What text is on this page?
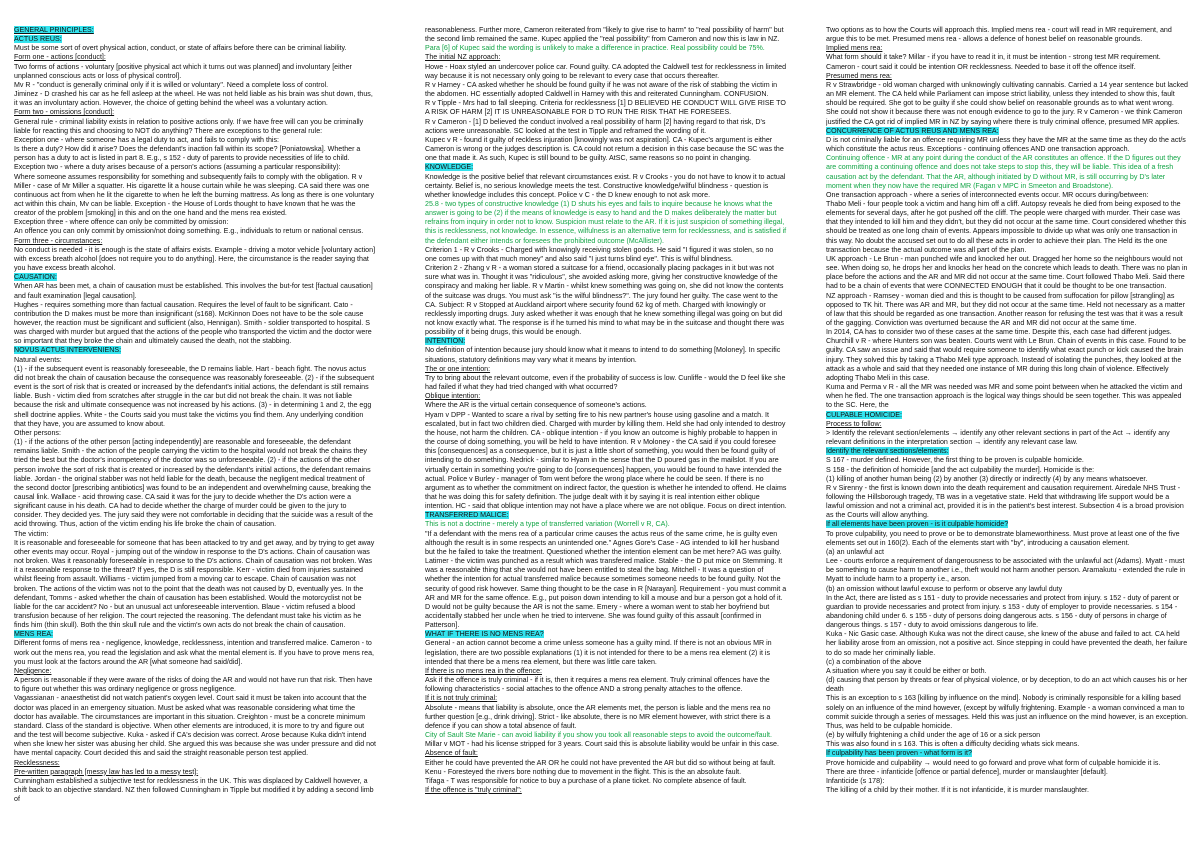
GENERAL PRINCIPLES:
ACTUS REUS:
Must be some sort of overt physical action, conduct, or state of affairs before there can be criminal liability.
Form one - actions [conduct]:
Two forms of actions - voluntary [positive physical act which it turns out was planned] and involuntary [either unplanned conscious acts or loss of physical control].
Mv R - "conduct is generally criminal only if it is willed or voluntary". Need a complete loss of control.
Jiminez - D crashed his car as he fell asleep at the wheel. He was not held liable as his brain was shut down, thus, it was an involuntary action. However, the choice of getting behind the wheel was a voluntary action.
Form two - omissions [conduct]:
General rule - criminal liability exists in relation to positive actions only. If we have free will can you be criminally liable for reacting this and choosing to NOT do anything? There are exceptions to the general rule:
Exception one - where someone has a legal duty to act, and fails to comply with this:
Is there a duty? How did it arise? Does the defendant's inaction fall within its scope? [Poniatowska]. Whether a person has a duty to act is listed in part 8. E.g., s 152 - duty of parents to provide necessities of life to child.
Exception two - where a duty arises because of a person's actions (assuming a particular responsibility):
Where someone assumes responsibility for something and subsequently fails to comply with the obligation. R v Miller - case of Mr Miller a squatter. His cigarette lit a house curtain while he was sleeping. CA said there was one continuous act from when he lit the cigarette to when he left the burning mattress. As long as there is one voluntary act within this chain, Mv can be liable. Exception - the House of Lords thought to have known that he was the creator of the problem [smoking] in this and on the one hand and the mens rea existed.
Exception three - where offence can only be committed by omission:
An offence you can only commit by omission/not doing something. E.g., individuals to return or national census.
Form three - circumstances:
No conduct is needed - it is enough is the state of affairs exists. Example - driving a motor vehicle [voluntary action] with excess breath alcohol [does not require you to do anything]. Here, the circumstance is the reader saying that you have excess breath alcohol.
CAUSATION:
When AR has been met, a chain of causation must be established. This involves the but-for test [factual causation] and fault examination [legal causation].
Hughes - requires something more than factual causation. Requires the level of fault to be significant. Cato - contribution the D makes must be more than insignificant (s168). McKinnon Does not have to be the sole cause however, the reaction must be significant and sufficient (also, Hennigan). Smith - soldier transported to hospital. S was charged with murder but argued that the actions of the people who transported the victim and the doctor were so important that they broke the chain and ultimately caused the death, not the stabbing.
NOVUS ACTUS INTERVENIENS:
Natural events:
(1) - if the subsequent event is reasonably foreseeable, the D remains liable. Hart - beach fight. The novus actus did not break the chain of causation because the consequence was reasonably foreseeable. (2) - if the subsequent event is the sort of risk that is created or increased by the defendant's initial actions, the defendant is still remains liable. Bush - victim died from scratches after struggle in the car but did not break the chain. It was not liable because the risk and ultimate consequence was not increased by his actions. (3) - in determining 1 and 2, the egg shell doctrine applies. White - the Courts said you must take the victims you find them. Any underlying condition that they have, you are assumed to know about.
Other persons:
(1) - if the actions of the other person [acting independently] are reasonable and foreseeable, the defendant remains liable. Smith - the action of the people carrying the victim to the hospital would not break the chains they tried the best but the doctor's incompetency of the doctor was so unforeseeable. (2) - if the actions of the other person involve the sort of risk that is created or increased by the defendant's initial actions, the defendant remains liable. Jordan - the original stabber was not held liable for the death, because the negligent medical treatment of the second doctor [prescribing antibiotics] was found to be an independent and overwhelming cause, breaking the causal link. Wallace - acid throwing case. CA said it was for the jury to decide whether the D's action were a significant cause in his death. CA had to decide whether the charge of murder could be given to the jury to consider. They decided yes. The jury said they were not comfortable in deciding that the suicide was a result of the acid throwing. Thus, action of the victim ending his life broke the chain of causation.
The victim:
It is reasonable and foreseeable for someone that has been attacked to try and get away, and by trying to get away other events may occur. Royal - jumping out of the window in response to the D's actions. Chain of causation was not broken. Was it reasonably foreseeable in response to the D's actions. Chain of causation was not broken. Was it a reasonable response to the threat? If yes, the D is still responsible. Kerr - victim died from injuries sustained whilst fleeing from assault. Williams - victim jumped from a moving car to escape. Chain of causation was not broken. The actions of the victim was not to the point that the death was not caused by D, eventually yes. In the defendant, Tomms - asked whether the chain of causation has been established. Would the motorcyclist not be liable for the car accident? No - but an unusual act unforeseeable intervention. Blaue - victim refused a blood transfusion because of her religion. The court rejected the reasoning. The defendant must take his victim as he finds him (thin skull). Both the thin skull rule and the victim's own acts do not break the chain of causation.
MENS REA:
Different forms of mens rea - negligence, knowledge, recklessness, intention and transferred malice. Cameron - to work out the mens rea, you read the legislation and ask what the mental element is. If you have to prove mens rea, you must look at the factors around the AR [what someone had said/did].
Negligence:
A person is reasonable if they were aware of the risks of doing the AR and would not have run that risk. Then have to figure out whether this was ordinary negligence or gross negligence.
Vagassianan - anaesthetist did not watch patient's oxygen level. Court said it must be taken into account that the doctor was placed in an emergency situation. Must be asked what was reasonable considering what time the doctor has available. The circumstances are important in this situation. Creighton - must be a concrete minimum standard. Class of the standard is objective. When other elements are introduced, it is more to try and figure out and the test will become subjective. Kuka - asked if CA's decision was correct. Arose because Kuka didn't intend when she knew her sister was abusing her child. She argued this was because she was under pressure and did not have mental capacity. Court decided this and said the straight reasonable person test applied.
Recklessness:
Pre-written paragraph [messy law has led to a messy test]:
Cunningham established a subjective test for recklessness in the UK. This was displaced by Caldwell however, a shift back to an objective standard. NZ then followed Cunningham in Tipple but modified it by adding a second limb of
reasonableness. Further more, Cameron reiterated from "likely to give rise to harm" to "real possibility of harm" but the second limb remained the same. Kupec applied the "real possibility" from Cameron and now this is law in NZ.
Para [6] of Kupec said the wording is unlikely to make a difference in practice. Real possibility could be 75%.
The initial NZ approach:
Howe - Hoax styled an undercover police car. Found guilty. CA adopted the Caldwell test for recklessness in limited way because it is not necessary only going to be relevant to every case that occurs thereafter.
R v Harney - CA asked whether he should be found guilty if he was not aware of the risk of stabbing the victim in the abdomen. HC essentially adopted Caldwell in Harney with this and reiterated Cunningham. CONFUSION.
R v Tipple - Mrs had to fall sleeping. Criteria for recklessness [1] D BELIEVED HE CONDUCT WILL GIVE RISE TO A RISK OF HARM [2] IT IS UNREASONABLE FOR D TO RUN THE RISK THAT HE FORESEES.
R v Cameron - [1] D believed the conduct involved a real possibility of harm [2] having regard to that risk, D's actions were unreasonable. SC looked at the test in Tipple and reframed the wording of it.
Kupec v R - found it guilty of reckless injuration [knowingly was not aspiration]. CA - Kupec's argument is either Cameron is wrong or the judges description is. CA could not return a decision in this case because the SC was the one that made it. As such, Kupec is still bound to be guilty. AtSC, same reasons so no point in changing.
KNOWLEDGE:
Knowledge is the positive belief that relevant circumstances exist. R v Crooks - you do not have to know it to actual certainty. Belief is, no serious knowledge meets the test. Constructive knowledge/wilful blindness - question is whether knowledge includes this concept. Police v C - the D knew enough to not ask more.
25.8 - two types of constructive knowledge (1) D shuts his eyes and fails to inquire because he knows what the answer is going to be (2) if the means of knowledge is easy to hand and the D makes deliberately the matter but refrains from inquiry in order not to know. Suspicion must relate to the AR. If it is just suspicion of something illegal, this is recklessness, not knowledge. In essence, wilfulness is an alternative term for recklessness, and is satisfied if the defendant either intends or foresees the prohibited outcome (McAllister).
Criterion 1 - R v Crooks - Charged with knowingly receiving stolen goods. He said "I figured it was stolen, so no one comes up with that much money" and also said "I just turns blind eye". This is wilful blindness.
Criterion 2 - Zhang v R - a woman stored a suitcase for a friend, occasionally placing packages in it but was not sure what was in. Thought it was "ridiculous", she avoided asking more, giving her constructive knowledge of the conspiracy and making her liable. R v Martin - whilst knew something was going on, she did not know the contents of the suitcase was drugs. You must ask "is the wilful blindness?". The jury found her guilty. The case went to the CA. Subject: R v Stopped at Auckland airport where security found 62 kg of meth. Charged with knowingly or recklessly importing drugs. Jury asked whether it was enough that he knew something illegal was going on but did not know exactly what. The response is if he turned his mind to what may be in the suitcase and thought there was possibility of it being drugs, this would be enough.
INTENTION:
No definition of intention because jury should know what it means to intend to do something [Moloney]. In specific situations, statutory definitions may vary what it means by intention.
The or one intention:
Try to bring about the relevant outcome, even if the probability of success is low. Cunliffe - would the D feel like she had failed if what they had tried changed with what occurred?
Oblique intention:
Where the AR is the virtual certain consequence of someone's actions.
Hyam v DPP - Wanted to scare a rival by setting fire to his new partner's house using gasoline and a match. It escalated, but in fact two children died. Charged with murder by killing them. Held she had only intended to destroy the house, not harm the children. CA - oblique intention - if you know an outcome is highly probable to happen in the course of doing something, you will be held to have intention. R v Moloney - the CA said if you could foresee this [consequences] as a consequence, but it is just a little short of something, you would then be found guilty of intending to do something. Nedrick - similar to Hyam in the sense that the D poured gas in the mailslot. If you are virtually certain in something you're going to do [consequences] happen, you would be found to have intended the actual. Police v Burley - manager of Tom went before the wrong place where he could be seen. If there is no argument as to whether the commitment on indirect factor, the question is whether he intended to offend. He claims that he was doing this for safety definition. The judge dealt with it by saying it is real intention either oblique intention. HC - said that oblique intention may not have a place where we are not oblique. Focus on direct intention.
TRANSFERRED MALICE:
This is not a doctrine - merely a type of transferred variation (Worrell v R, CA).
"If a defendant with the mens rea of a particular crime causes the actus reus of the same crime, he is guilty even although the result is in some respects an unintended one." Agnes Gore's Case - AG intended to kill her husband but the he failed to take the treatment. Questioned whether the intention element can be met here? AG was guilty. Latimer - the victim was punched as a result which was transfered malice. Stable - the D put mice on Stemming. It was a reasonable thing that she would not have been entitled to steal the bag. Mitchell - It was a question of whether the intention for actual transferred malice because sometimes someone needs to be found guilty. Not the security of good risk however. Same thing thought to be the case in R [Narayan]. Requirement - you must commit a AR and MR for the same offence. E.g., put poison down intending to kill a mouse and bur a person got a hold of it. D would not be guilty because the AR is not the same. Emery - where a woman went to stab her boyfriend but accidentally stabbed her uncle when he tried to intervene. She was found guilty of this assault [confirmed in Patterson].
WHAT IF THERE IS NO MENS REA?
General - an action cannot become a crime unless someone has a guilty mind. If there is not an obvious MR in legislation, there are two possible explanations (1) it is not intended for there to be a mens rea element (2) it is intended that there be a mens rea element, but there was little care taken.
If there is no mens rea in the offence:
Ask if the offence is truly criminal - if it is, then it requires a mens rea element. Truly criminal offences have the following characteristics - social attaches to the offence AND a strong penalty attaches to the offence.
If it is not truly criminal:
Absolute - means that liability is absolute, once the AR elements met, the person is liable and the mens rea no further question [e.g., drink driving]. Strict - like absolute, there is no MR element however, with strict there is a defence if you can show a total absence of fault.
City of Sault Ste Marie - can avoid liability if you show you took all reasonable steps to avoid the outcome/fault.
Millar v MOT - had his license stripped for 3 years. Court said this is absolute liability would be unfair in this case.
Absence of fault:
Either he could have prevented the AR OR he could not have prevented the AR but did so without being at fault.
Kenu - Foresteyed the rivers bore nothing due to movement in the flight. This is the an absolute fault.
Tifaga - T was responsible for notice to buy a purchase of a plane ticket. No complete absence of fault.
If the offence is "truly criminal":
Two options as to how the Courts will approach this. Implied mens rea - court will read in MR requirement, and argue this to be met. Presumed mens rea - allows a defence of honest belief on reasonable grounds.
Implied mens rea:
What form should it take? Millar - if you have to read it in, it must be intention - strong test MR requirement.
Cameron - court said it could be intention OR recklessness. Needed to base it off the offence itself.
Presumed mens rea:
R v Strawbridge - old woman charged with unknowingly cultivating cannabis. Carried a 14 year sentence but lacked an MR element. The CA held while Parliament can impose strict liability, unless they intended to show this, fault should be required. She got to be guilty if she could show belief on reasonable grounds as to what went wrong. She could not show it because there was not enough evidence to go to the jury. R v Cameron - we think Cameron justified the CA got rid of implied MR in NZ by saying where there is truly criminal offence, presumed MR applies.
CONCURRENCE OF ACTUS REUS AND MENS REA:
D is not criminally liable for an offence requiring MR unless they have the MR at the same time as they do the act/s which constitute the actus reus. Exceptions - continuing offences AND one transaction approach.
Continuing offence - MR at any point during the conduct of the AR constitutes an offence. If the D figures out they are committing a continuing offence and does not take steps to stop this, they will be liable. This idea of a fresh causation act by the defendant. That the AR, although initiated by D without MR, is still occurring by D's later moment when they now have the required MR (Fagan v MPC in Smeeton and Broadstone).
One transaction approach - where a series of interconnected events occur. MR occurs during/between:
Thabo Meli - four people took a victim and hang him off a cliff. Autopsy reveals he died from being exposed to the elements for several days, after he got pushed off the cliff. The people were charged with murder. Their case was that they intended to kill him and they didn't, but they did not occur at the same time. Court considered whether this should be treated as one long chain of events. Appears impossible to divide up what was only one transaction in this way. No doubt the accused set out to do all these acts in order to achieve their plan. The Held its the one transaction because the actual outcome was all part of the plan.
UK approach - Le Brun - man punched wife and knocked her out. Dragged her home so the neighbours would not see. When doing so, he drops her and knocks her head on the concrete which leads to death. There was no plan in place before the actions and the AR and MR did not occur at the same time. Court followed Thabo Meli. Said there had to be a chain of events that were CONNECTED ENOUGH that it could be thought to be one transaction.
NZ approach - Ramsey - woman died and this is thought to be caused from suffocation for pillow [strangling] as opposed to TK hit. There was AR and MR, but they did not occur at the same time. Held not necessary as a matter of law that this should be regarded as one transaction. Another reason for refusing the test was that it was a result of the gagging. Conviction was overturned because the AR and MR did not occur at the same time.
In 2014, CA has to consider two of these cases at the same time. Despite this, each case had different judges.
Churchill v R - where Hunters son was beaten. Courts went with Le Brun. Chain of events in this case. Found to be guilty. CA saw an issue and said that would require someone to identify what exact punch or kick caused the brain injury. They solved this by taking a Thabo Meli type approach. Instead of isolating the punches, they looked at the attack as a whole and said that they needed one instance of MR during this long chain of violence. Effectively adopting Thabo Meli in this case.
Kuma and Perma v R - all the MR was needed was MR and some point between when he attacked the victim and when he fled. The one transaction approach is the logical way things should be seen together. This was appealed to the SC. Here, the
CULPABLE HOMICIDE:
Process to follow:
> Identify the relevant section/elements → identify any other relevant sections in part of the Act → identify any relevant definitions in the interpretation section → identify any relevant case law.
Identify the relevant sections/elements:
S 167 - murder defined. However, the first thing to be proven is culpable homicide.
S 158 - the definition of homicide [and the act culpability the murder]. Homicide is the:
(1) killing of another human being (2) by another (3) directly or indirectly (4) by any means whatsoever.
R v Sirenny - the first is known down into the death requirement and causation requirement. Airedale NHS Trust - following the Hillsborough tragedy, TB was in a vegetative state. Held that withdrawing life support would be a lawful omission and not a criminal act, provided it is in the patient's best interest. Subsection 4 is a broad provision as the Courts will allow anything.
If all elements have been proven - is it culpable homicide?
To prove culpability, you need to prove or be to demonstrate blameworthiness. Must prove at least one of the five elements set out in 160(2). Each of the elements start with "by", introducing a causation element.
(a) an unlawful act
Lee - courts enforce a requirement of dangerousness to be associated with the unlawful act (Adams). Myatt - must be something to cause harm to another i.e., theft would not harm another person. Aramakutu - extended the rule in Myatt to include harm to a property i.e., arson.
(b) an omission without lawful excuse to perform or observe any lawful duty
In the Act, there are listed as s 151 - duty to provide necessaries and protect from injury. s 152 - duty of parent or guardian to provide necessaries and protect from injury. s 153 - duty of employer to provide necessaries. s 154 - abandoning child under 6. s 155 - duty of persons doing dangerous acts. s 156 - duty of persons in charge of dangerous things. s 157 - duty to avoid omissions dangerous to life.
Kuka - Nic Gasic case. Although Kuka was not the direct cause, she knew of the abuse and failed to act. CA held her liability arose from an omission, not a positive act. Since stepping in could have prevented the death, her failure to do so made her criminally liable.
(c) a combination of the above
A situation where you say it could be either or both.
(d) causing that person by threats or fear of physical violence, or by deception, to do an act which causes his or her death
This is an exception to s 163 [killing by influence on the mind]. Nobody is criminally responsible for a killing based solely on an influence of the mind however, (except by wilfully frightening. Example - a woman convinced a man to commit suicide through a series of messages. Held this was just an influence on the mind however, is an exception. Thus, was held to be culpable homicide.
(e) by wilfully frightening a child under the age of 16 or a sick person
This was also found in s 163. This is often a difficulty deciding whats sick means.
If culpability has been proven - what form is it?
Prove homicide and culpability → would need to go forward and prove what form of culpable homicide it is.
There are three - infanticide [offence or partial defence], murder or manslaughter [default].
Infanticide (s 178):
The killing of a child by their mother. If it is not infanticide, it is murder manslaughter.
